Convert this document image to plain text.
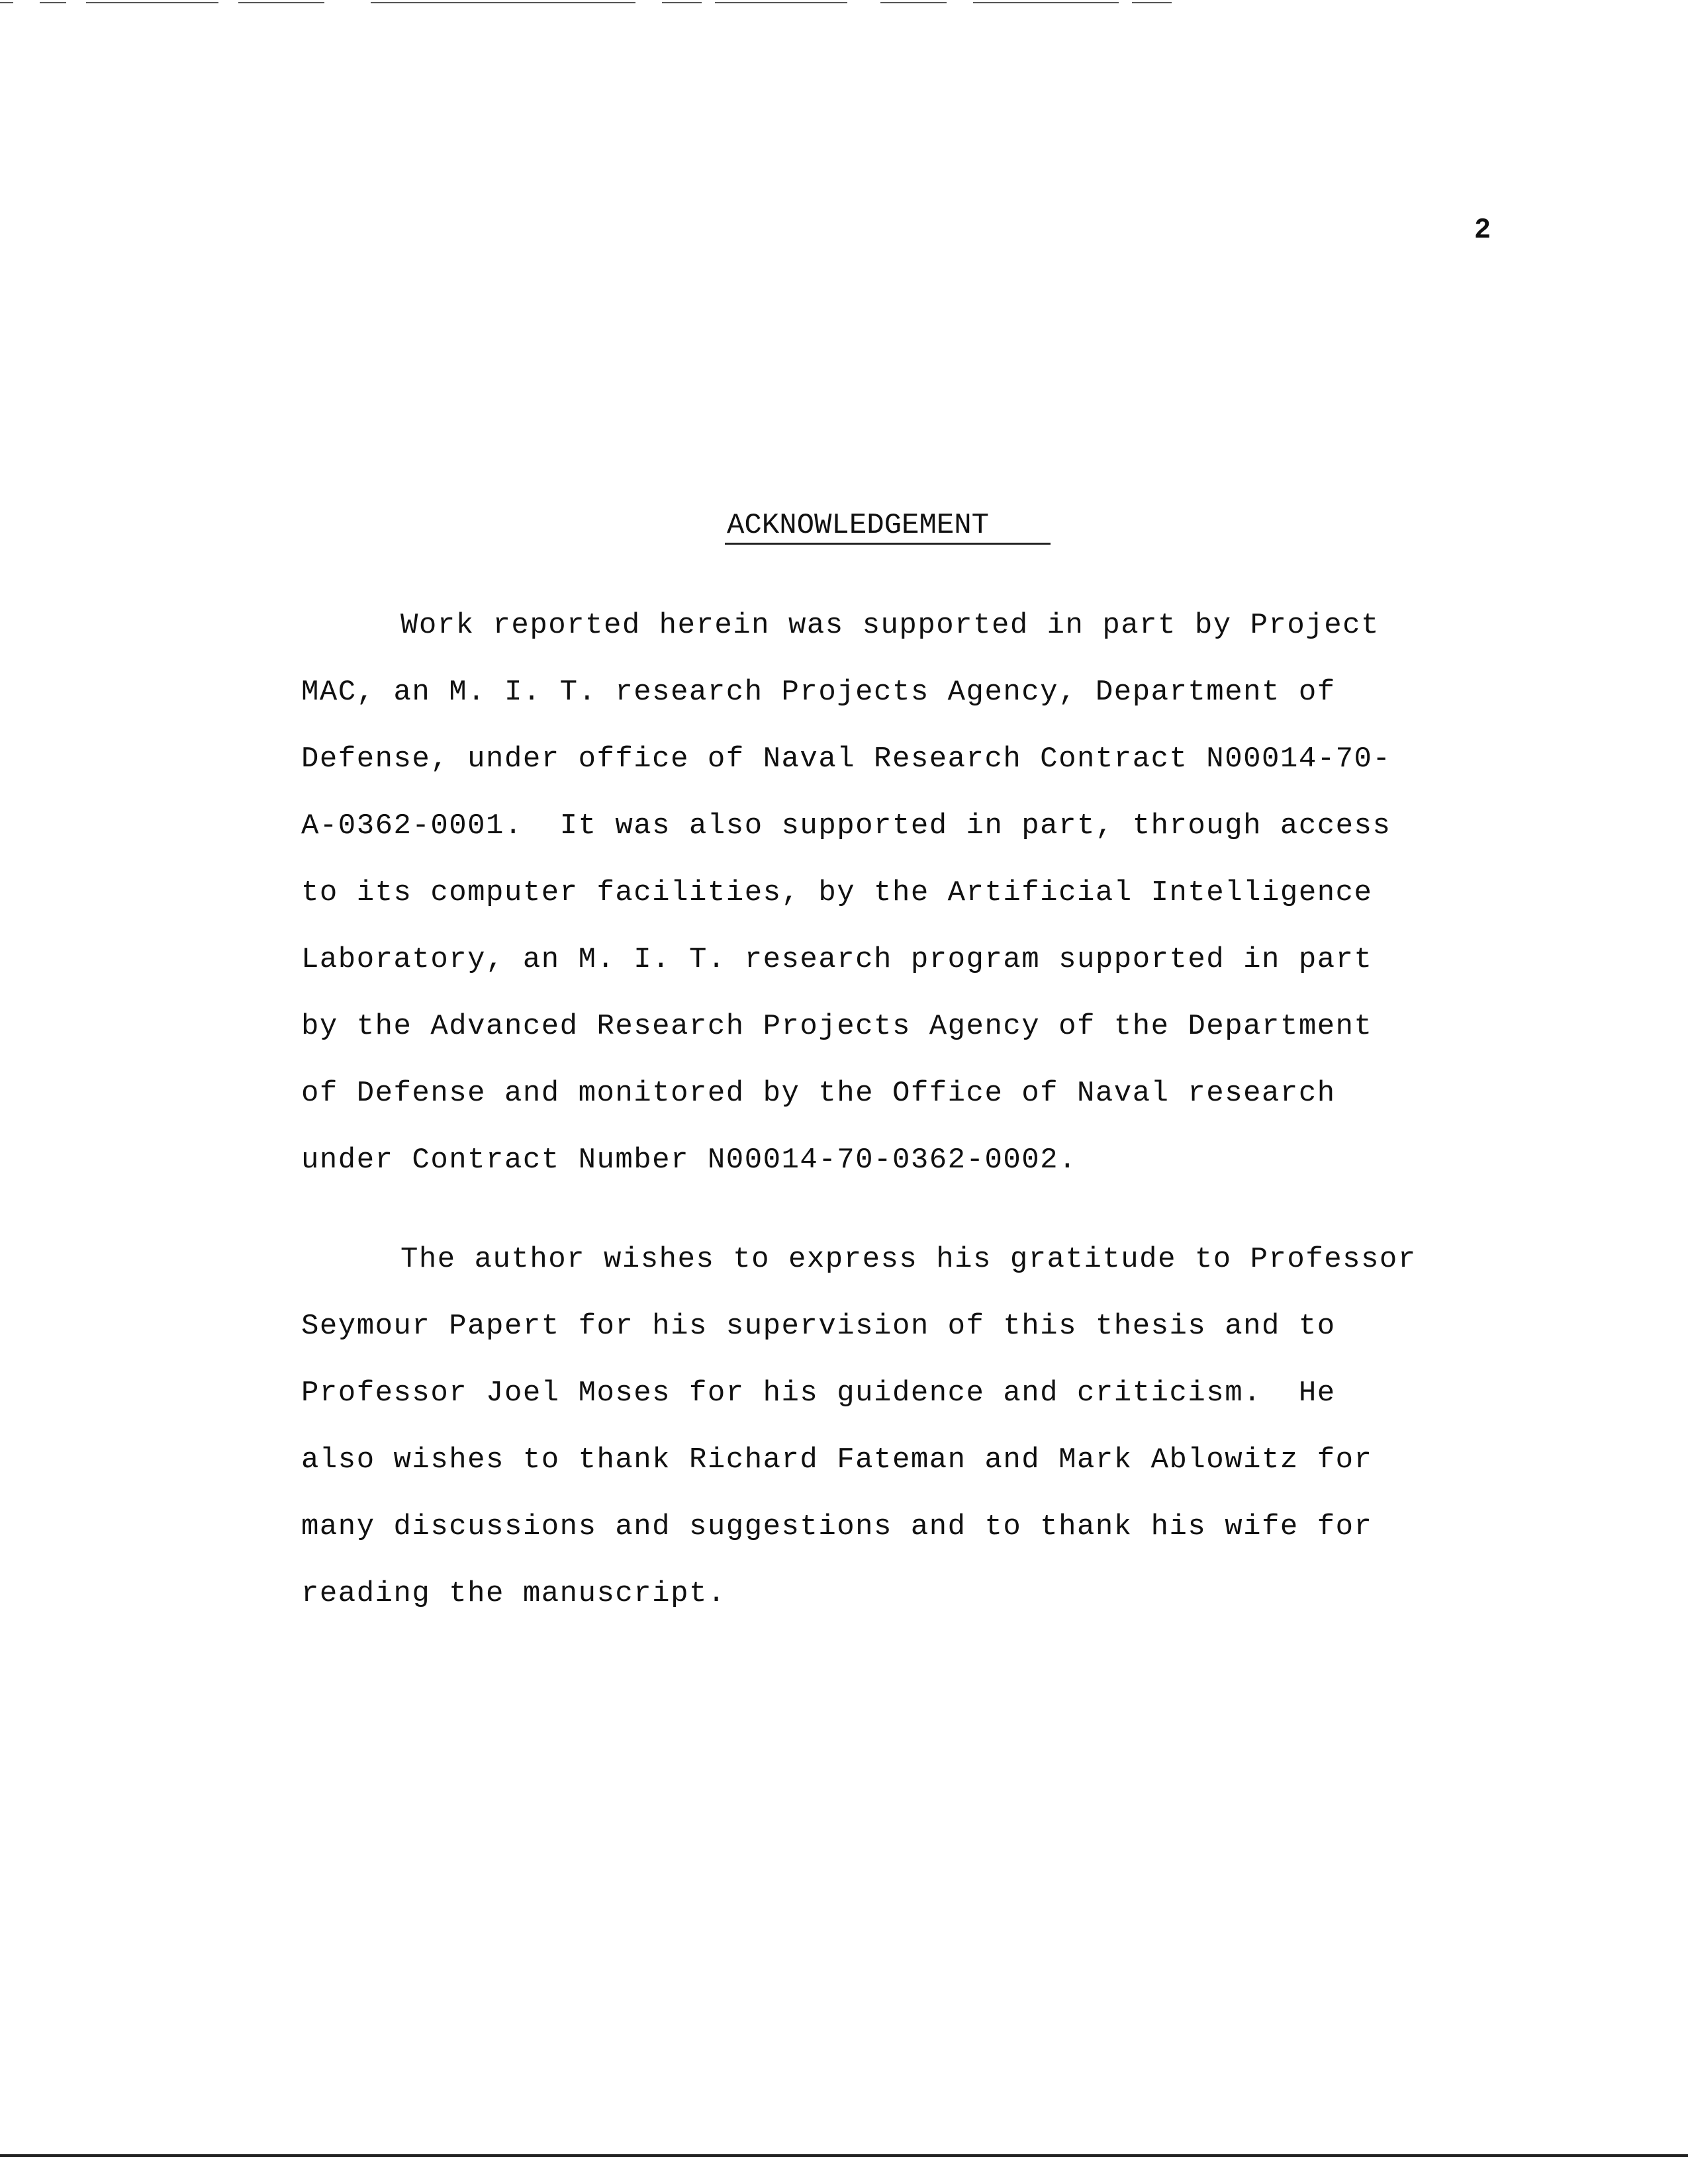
2
ACKNOWLEDGEMENT

Work reported herein was supported in part by Project
MAC, an M. I. T. research Projects Agency, Department of
Defense, under office of Naval Research Contract N00014-70-
A-0362-0001.  It was also supported in part, through access
to its computer facilities, by the Artificial Intelligence
Laboratory, an M. I. T. research program supported in part
by the Advanced Research Projects Agency of the Department
of Defense and monitored by the Office of Naval research
under Contract Number N00014-70-0362-0002.

The author wishes to express his gratitude to Professor
Seymour Papert for his supervision of this thesis and to
Professor Joel Moses for his guidence and criticism.  He
also wishes to thank Richard Fateman and Mark Ablowitz for
many discussions and suggestions and to thank his wife for
reading the manuscript.
